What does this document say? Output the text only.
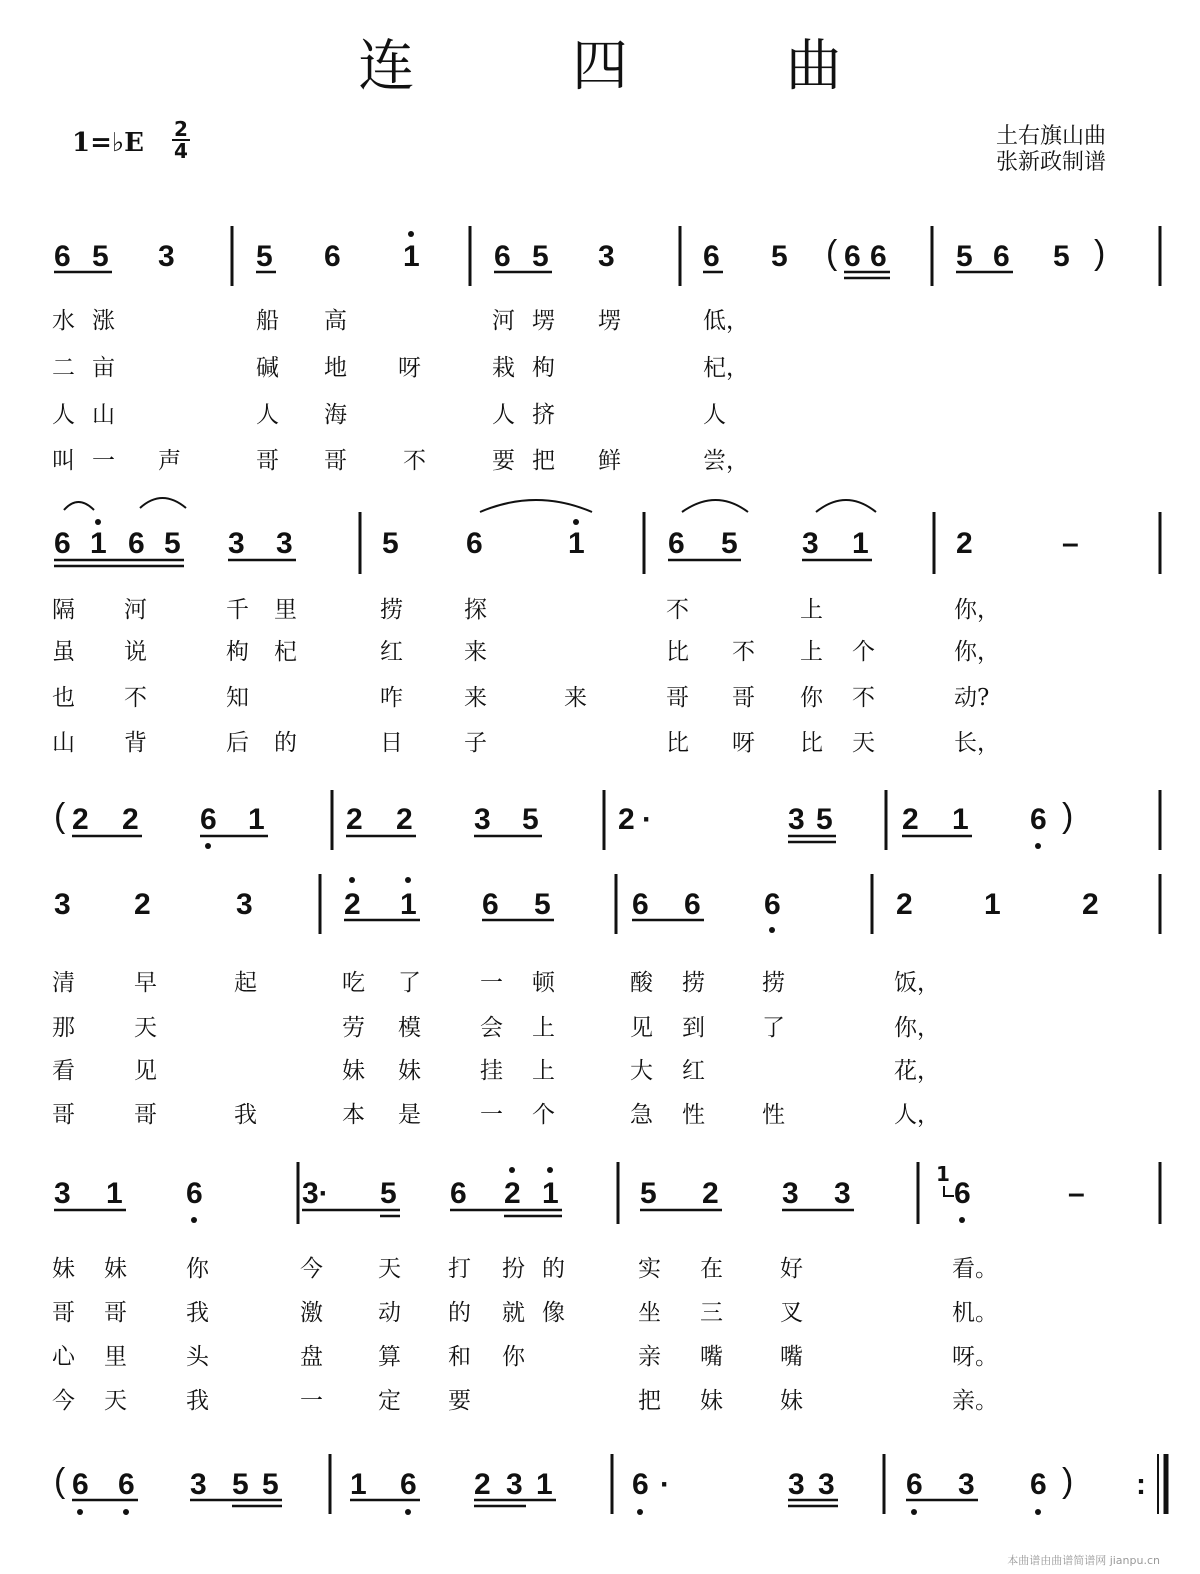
连 四 曲
1=♭E 2
4
土右旗山曲
张新政制谱
6 5 3	5 6 1 6 5 3	6 5 ( 6 6 5 6 5 )
水 涨	船 高	河 塄 塄	低，
二 亩	碱 地 呀	栽 枸	杞，
人 山	人 海	人 挤	人
叫 一 声	哥 哥 不	要 把 鲜	尝，
6 1 6 5 3 3	5 6	1	6 5 3 1	2	–
隔 河	千 里	捞	探	不	上	你，
虽 说	枸 杞	红	来	比 不 上 个	你，
也 不	知	咋	来	来	哥 哥 你 不	动?
山 背	后 的	日	子	比 呀 比 天	长，
( 2 2 6 1	2 2 3 5	2 ·	3 5 2 1 6 )
3 2	3	2 1 6 5	6 6 6	2 1	2
清	早	起	吃 了	一 顿	酸 捞 捞	饭，
那	天	劳 模	会 上	见 到 了	你，
看	见	妹 妹	挂 上	大 红	花，
哥	哥	我	本 是	一 个	急 性 性	人，
3 1 6	3· 5 6 2 1	5 2 3 3
1
6	–
妹 妹	你	今 天 打 扮 的	实 在 好	看。
哥 哥	我	激 动 的 就 像	坐 三 叉	机。
心 里	头	盘 算 和 你	亲 嘴 嘴	呀。
今 天	我	一 定 要	把 妹 妹	亲。
( 6 6 3 5 5 1 6 2 3 1	6 ·	3 3 6 3 6 ) :
本曲谱由曲谱简谱网 jianpu.cn
